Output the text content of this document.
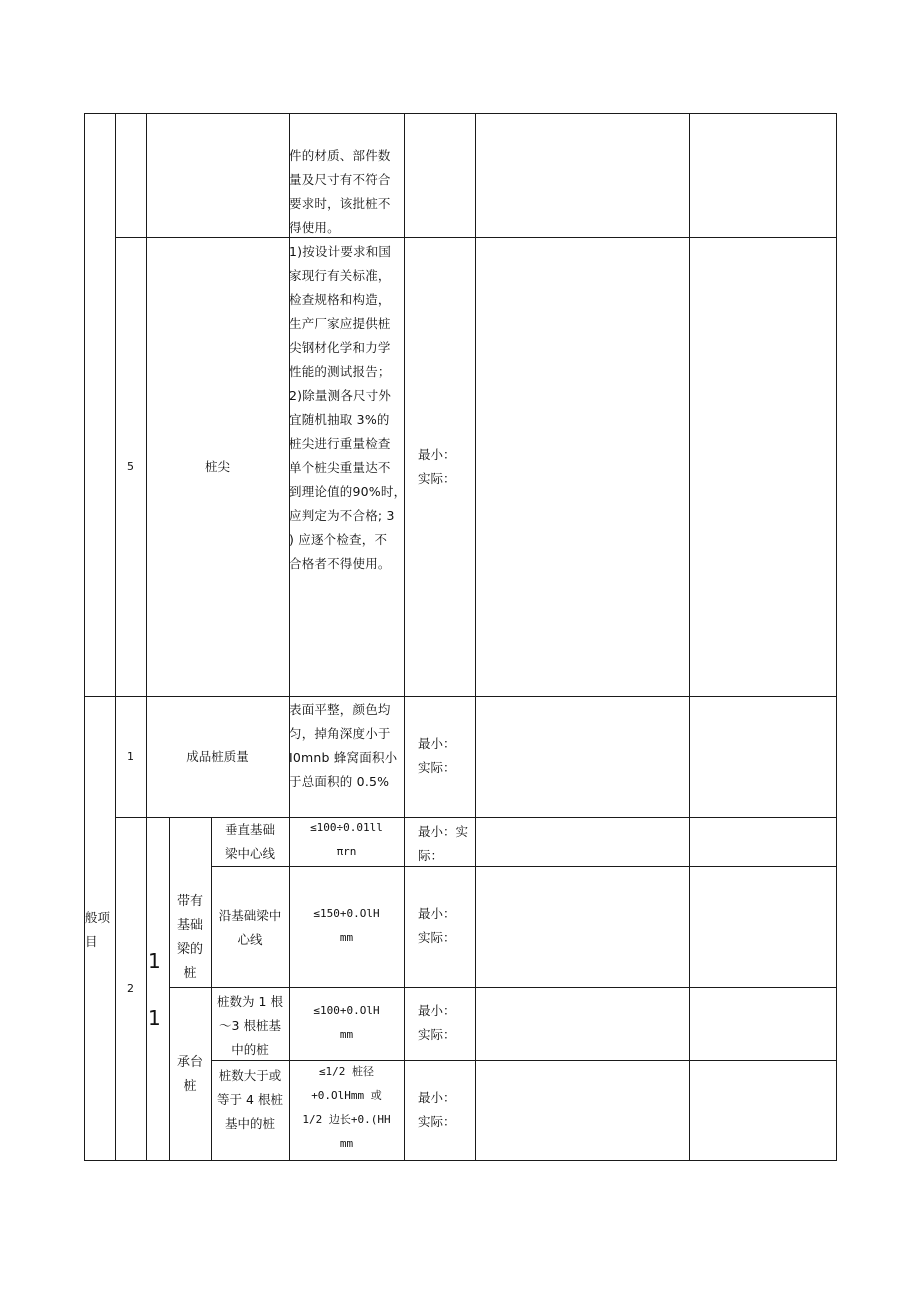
件的材质、部件数
量及尺寸有不符合
要求时，该批桩不
得使用。
5	桩尖
1)按设计要求和国
家现行有关标准，
检查规格和构造，
生产厂家应提供桩
尖钢材化学和力学
性能的测试报告；
2)除量测各尺寸外
宜随机抽取 3%的
桩尖进行重量检查
单个桩尖重量达不
到理论值的90%时，
应判定为不合格; 3
) 应逐个检查，不
合格者不得使用。
最小：
实际：
般项
目
1	成品桩质量
表面平整，颜色均
匀，掉角深度小于
I0mnb 蜂窝面积小
于总面积的 0.5%
最小：
实际：
2
1
1
带有
基础
梁的
桩
承台
桩
垂直基础
梁中心线
≤100÷0.01ll
πrn
最小：实
际：
沿基础梁中
心线
≤150+0.OlH
mm
最小：
实际：
桩数为 1 根
～3 根桩基
中的桩
≤100+0.OlH
mm
最小：
实际：
桩数大于或
等于 4 根桩
基中的桩
≤1/2 桩径
+0.OlHmm 或
1/2 边长+0.(HH
mm
最小：
实际：
